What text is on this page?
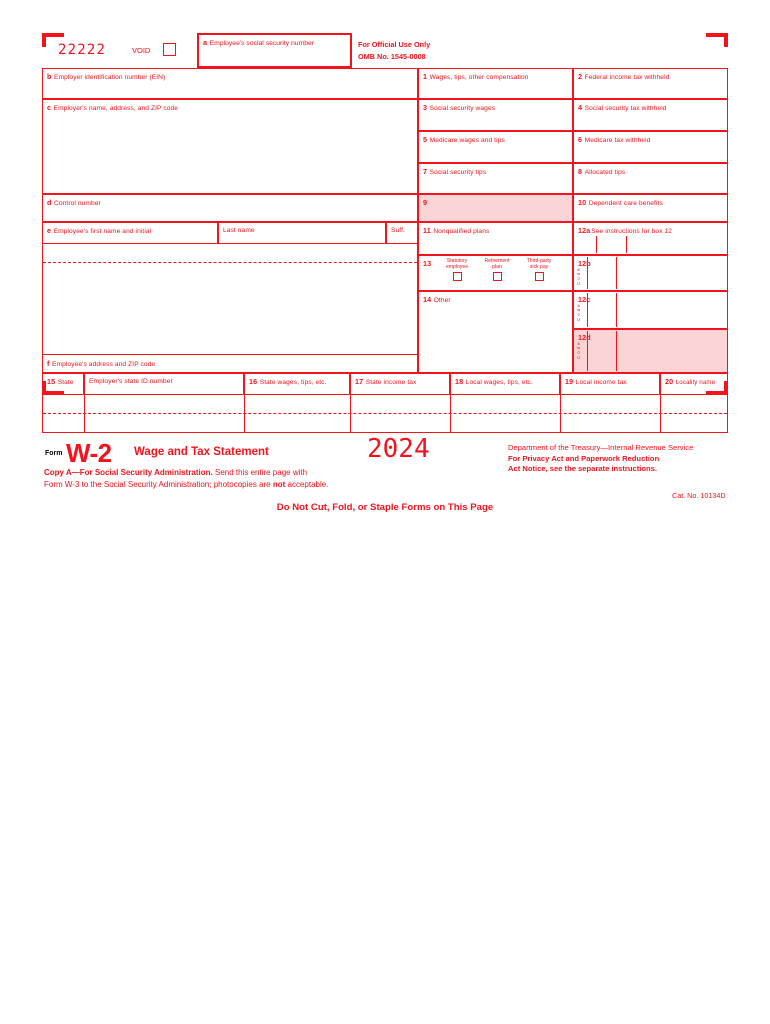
22222	VOID
a Employee's social security number	For Official Use Only
OMB No. 1545-0008
b Employer identification number (EIN)
c Employer's name, address, and ZIP code
d Control number
e Employee's first name and initial	Last name	Suff.
f Employee's address and ZIP code
1 Wages, tips, other compensation	2 Federal income tax withheld
3 Social security wages	4 Social security tax withheld
5 Medicare wages and tips	6 Medicare tax withheld
7 Social security tips	8 Allocated tips
9	10 Dependent care benefits
11 Nonqualified plans	12aSee instructions for box 12
13	Statutory
employee
Retirement
plan
Third-party
sick pay	12b
C o d e
14 Other	12c
C o d e
12d
C o d e
15 State	Employer's state ID number	16 State wages, tips, etc.	17 State income tax	18 Local wages, tips, etc.	19 Local income tax	20 Locality name
Form W-2 Wage and Tax Statement	2024	Department of the Treasury—Internal Revenue Service
For Privacy Act and Paperwork Reduction
Act Notice, see the separate instructions.
Copy A—For Social Security Administration. Send this entire page with
Form W-3 to the Social Security Administration; photocopies are not acceptable.
Cat. No. 10134D
Do Not Cut, Fold, or Staple Forms on This Page
